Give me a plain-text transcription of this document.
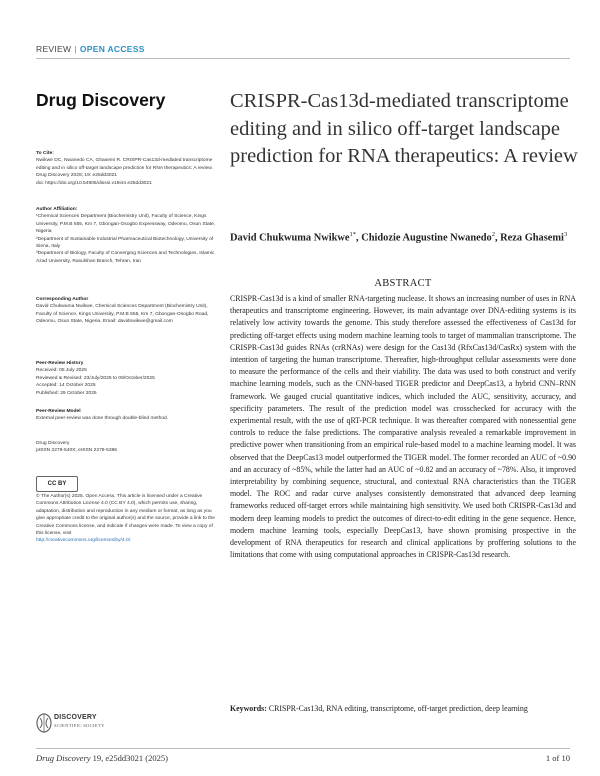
REVIEW | OPEN ACCESS
Drug Discovery	CRISPR-Cas13d-mediated transcriptome editing and in silico off-target landscape prediction for RNA therapeutics: A review
David Chukwuma Nwikwe$^{1*}$, Chidozie Augustine Nwanedo$^2$, Reza Ghasemi$^3$
ABSTRACT

CRISPR-Cas13d is a kind of smaller RNA-targeting nuclease. It shows an increasing number of uses in RNA therapeutics and transcriptome engineering. However, its main advantage over DNA-editing systems is its relatively low activity towards the genome. This study therefore assessed the effectiveness of Cas13d for predicting off-target effects using modern machine learning tools to target of mammalian transcriptome. The CRISPR-Cas13d guides RNAs (crRNAs) were design for the Cas13d (RfxCas13d/CasRx) system with the intention of targeting the human transcriptome. Thereafter, high-throughput cellular assessments were done to measure the performance of the cells and their viability. The data was used to both construct and verify machine learning models, such as the CNN-based TIGER predictor and DeepCas13, a hybrid CNN–RNN framework. We gauged crucial quantitative indices, which included the AUC, sensitivity, accuracy, and specificity parameters. The result of the prediction model was crosschecked for accuracy with the experimental result, with the use of qRT-PCR technique. It was thereafter compared with nonessential gene controls to reduce the false predictions. The comparative analysis revealed a remarkable improvement in predictive power when transitioning from an empirical rule-based model to a machine learning model. It was observed that the DeepCas13 model outperformed the TIGER model. The former recorded an AUC of ~0.90 and an accuracy of ~85%, while the latter had an AUC of ~0.82 and an accuracy of ~78%. Also, it improved interpretability by combining sequence, structural, and contextual RNA characteristics than the TIGER model. The ROC and radar curve analyses consistently demonstrated that advanced deep learning frameworks reduced off-target errors while maintaining high sensitivity. We used both CRISPR-Cas13d and modern deep learning models to predict the outcomes of direct-to-edit editing in the gene sequence. Hence, modern machine learning tools, especially DeepCas13, have shown promising prospective in the development of RNA therapeutics for research and clinical applications by proffering solutions to the limitations that come with using computational approaches in CRISPR-Cas13d research.

Keywords: CRISPR-Cas13d, RNA editing, transcriptome, off-target prediction, deep learning

To Cite:

Nwikwe DC, Nwanedo CA, Ghasemi R. CRISPR-Cas13d-mediated transcriptome editing and in silico off-target landscape prediction for RNA therapeutics: A review. Drug Discovery 2025; 19: e25dd3021

doi: https://doi.org/10.54905/disssi.v19i44.e25dd3021

Author Affiliation:

¹Chemical Sciences Department (Biochemistry Unit), Faculty of Science, Kings University, P.M.B 555, Km 7, Gbongan-Osogbo Expressway, Odeomu, Osun State, Nigeria

²Department of Sustainable Industrial Pharmaceutical Biotechnology, University of Siena, Italy

³Department of Biology, Faculty of Converging Sciences and Technologies, Islamic Azad University, Rasulshan Branch, Tehran, Iran

Corresponding Author

David Chukwuma Nwikwe, Chemical Sciences Department (Biochemistry Unit), Faculty of Science, Kings University, P.M.B 555, Km 7, Gbongan-Osogbo Road, Odeomu, Osun State, Nigeria. Email: davidnwikwe@gmail.com

Peer-Review History

Received: 05 July 2025

Reviewed & Revised: 23/July/2025 to 09/October/2025

Accepted: 14 October 2025

Published: 29 October 2025

Peer-Review Model

External peer-review was done through double-blind method.

Drug Discovery

pISSN 2278-540X; eISSN 2278-5396

CC BY

© The Author(s) 2025. Open Access. This article is licensed under a Creative Commons Attribution License 4.0 (CC BY 4.0), which permits use, sharing, adaptation, distribution and reproduction in any medium or format, as long as you give appropriate credit to the original author(s) and the source, provide a link to the Creative Commons license, and indicate if changes were made. To view a copy of this license, visit

http://creativecommons.org/licenses/by/4.0/.

DISCOVERY
SCIENTIFIC SOCIETY
Drug Discovery 19, e25dd3021 (2025)	1 of 10
